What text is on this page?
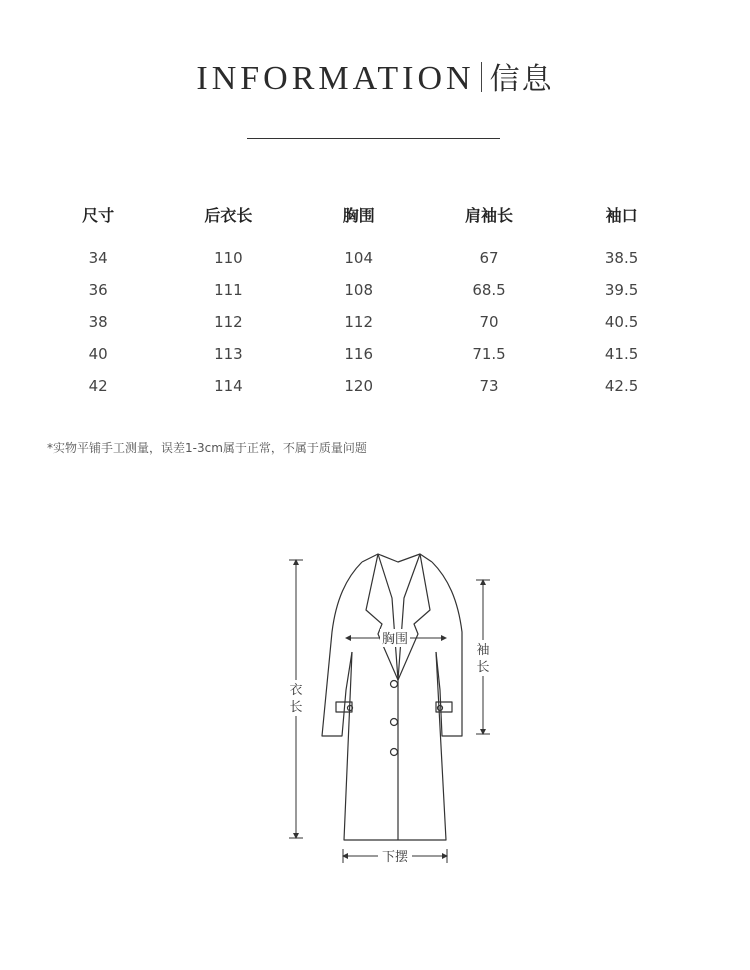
INFORMATION 信息
尺寸	后衣长	胸围	肩袖长	袖口
34	110	104	67	38.5
36	111	108	68.5	39.5
38	112	112	70	40.5
40	113	116	71.5	41.5
42	114	120	73	42.5
*实物平铺手工测量，误差1-3cm属于正常，不属于质量问题
胸围
袖
长
衣
长
下摆
